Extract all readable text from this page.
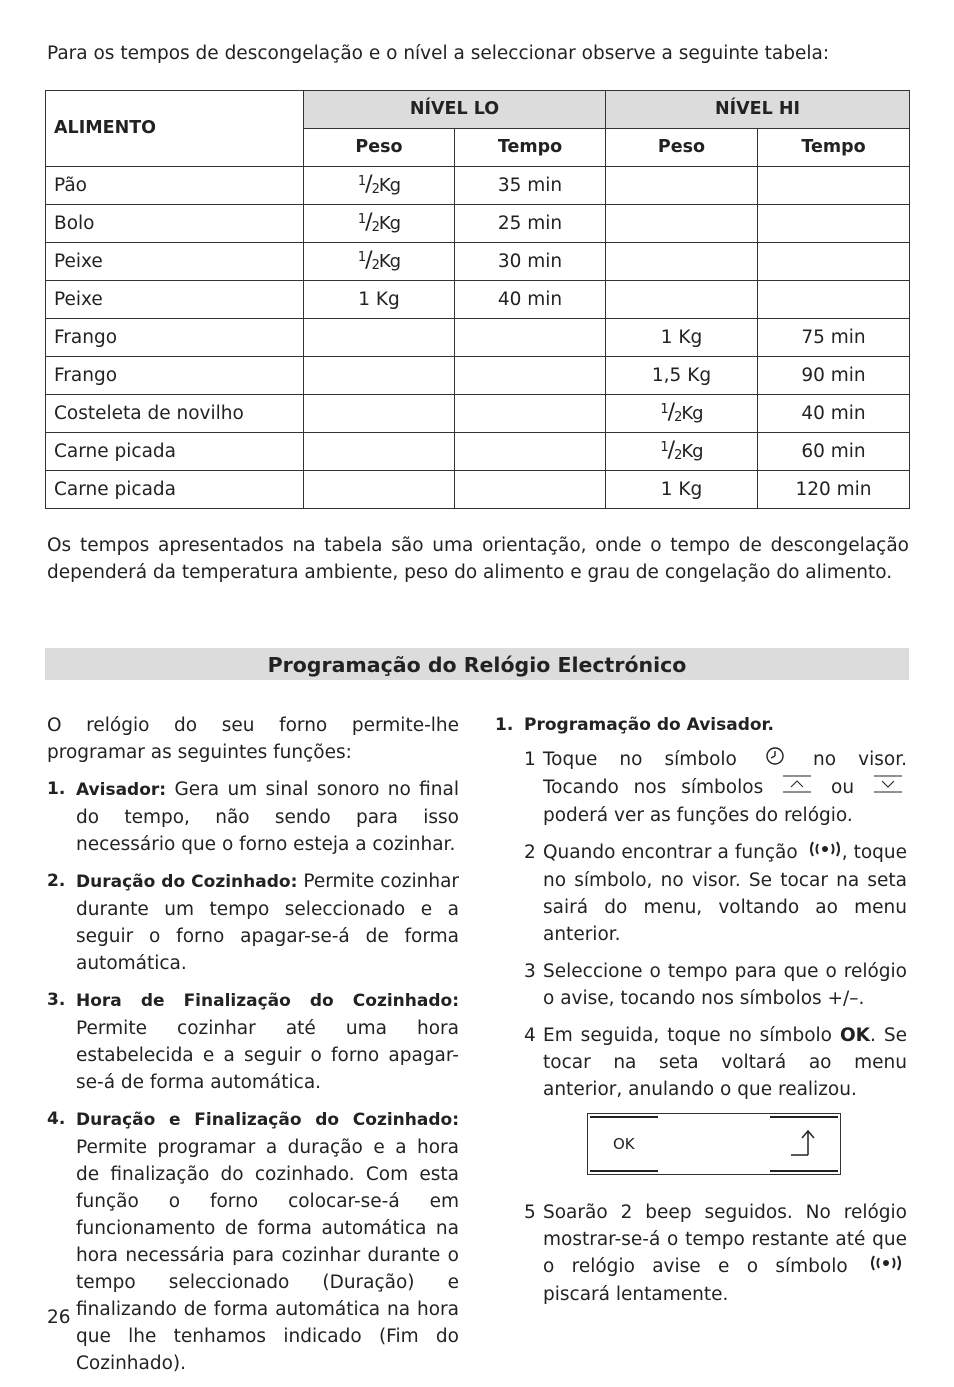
Para os tempos de descongelação e o nível a seleccionar observe a seguinte tabela:

ALIMENTO	NÍVEL LO		NÍVEL HI	
	Peso	Tempo	Peso	Tempo
Pão	$^1/_2Kg$	35 min		
Bolo	$^1/_2Kg$	25 min		
Peixe	$^1/_2Kg$	30 min		
Peixe	1 Kg	40 min		
Frango			1 Kg	75 min
Frango			1,5 Kg	90 min
Costeleta de novilho			$^1/_2Kg$	40 min
Carne picada			$^1/_2Kg$	60 min
Carne picada			1 Kg	120 min

Os tempos apresentados na tabela são uma orientação, onde o tempo de descongelação dependerá da temperatura ambiente, peso do alimento e grau de congelação do alimento.

Programação do Relógio Electrónico

O relógio do seu forno permite-lhe programar as seguintes funções:

1. Avisador: Gera um sinal sonoro no final do tempo, não sendo para isso necessário que o forno esteja a cozinhar.
2. Duração do Cozinhado: Permite cozinhar durante um tempo seleccionado e a seguir o forno apagar-se-á de forma automática.
3. Hora de Finalização do Cozinhado: Permite cozinhar até uma hora estabelecida e a seguir o forno apagar-se-á de forma automática.
4. Duração e Finalização do Cozinhado: Permite programar a duração e a hora de finalização do cozinhado. Com esta função o forno colocar-se-á em funcionamento de forma automática na hora necessária para cozinhar durante o tempo seleccionado (Duração) e finalizando de forma automática na hora que lhe tenhamos indicado (Fim do Cozinhado).
1. Programação do Avisador.
1 Toque no símbolo	no visor. Tocando nos símbolos	ou  poderá ver as funções do relógio.
2 Quando encontrar a função , toque no símbolo, no visor. Se tocar na seta sairá do menu, voltando ao menu anterior.
3 Seleccione o tempo para que o relógio o avise, tocando nos símbolos +/–.
4 Em seguida, toque no símbolo OK. Se tocar na seta voltará ao menu anterior, anulando o que realizou.
OK
5 Soarão 2 beep seguidos. No relógio mostrar-se-á o tempo restante até que o relógio avise e o símbolo  piscará lentamente.
26
